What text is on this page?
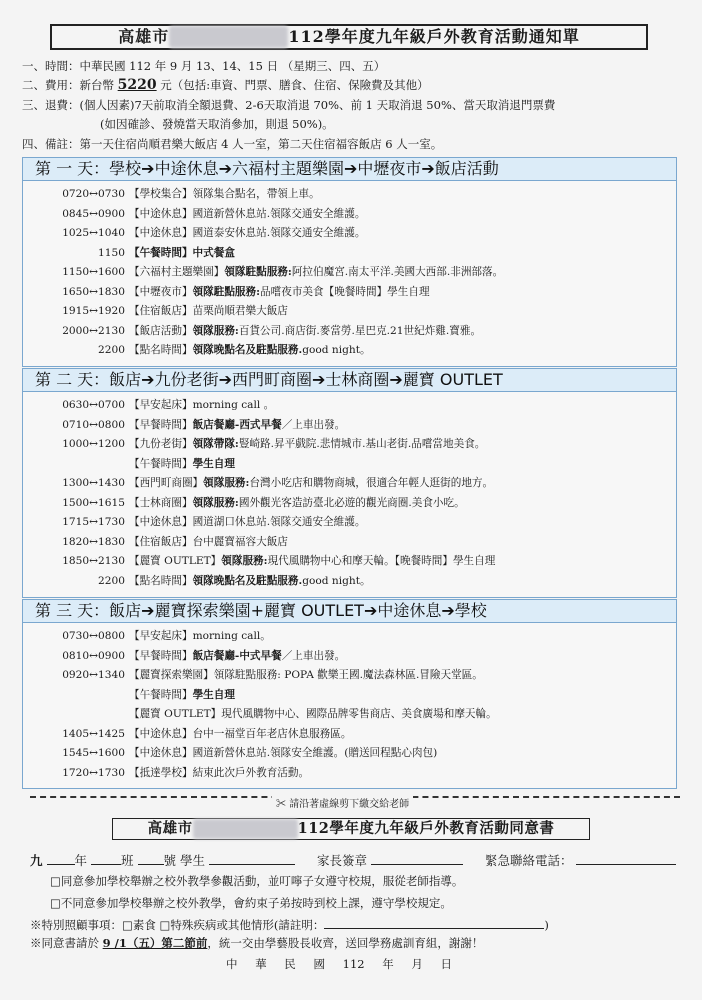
高雄市	112學年度九年級戶外教育活動通知單
一、時間：中華民國 112 年 9 月 13、14、15 日 （星期三、四、五）
二、費用：新台幣 5220 元（包括:車資、門票、膳食、住宿、保險費及其他）
三、退費：(個人因素)7天前取消全額退費、2-6天取消退 70%、前 1 天取消退 50%、當天取消退門票費
(如因確診、發燒當天取消參加，則退 50%)。
四、備註：第一天住宿尚順君樂大飯店 4 人一室，第二天住宿福容飯店 6 人一室。
第 一 天：學校➔中途休息➔六福村主題樂園➔中壢夜市➔飯店活動
0720↔0730 【學校集合】領隊集合點名，帶領上車。
0845↔0900 【中途休息】國道新營休息站.領隊交通安全維護。
1025↔1040 【中途休息】國道泰安休息站.領隊交通安全維護。
1150 【午餐時間】中式餐盒
1150↔1600 【六福村主題樂園】領隊駐點服務:阿拉伯魔宮.南太平洋.美國大西部.非洲部落。
1650↔1830 【中壢夜市】領隊駐點服務:品嚐夜市美食【晚餐時間】學生自理
1915↔1920 【住宿飯店】苗栗尚順君樂大飯店
2000↔2130 【飯店活動】領隊服務:百貨公司.商店街.麥當勞.星巴克.21世紀炸雞.寶雅。
2200 【點名時間】領隊晚點名及駐點服務.good night。
第 二 天：飯店➔九份老街➔西門町商圈➔士林商圈➔麗寶 OUTLET
0630↔0700 【早安起床】morning call 。
0710↔0800 【早餐時間】飯店餐廳-西式早餐／上車出發。
1000↔1200 【九份老街】領隊帶隊:豎崎路.昇平戲院.悲情城市.基山老街.品嚐當地美食。
【午餐時間】學生自理
1300↔1430 【西門町商圈】領隊服務:台灣小吃店和購物商城，很適合年輕人逛街的地方。
1500↔1615 【士林商圈】領隊服務:國外觀光客造訪臺北必遊的觀光商圈.美食小吃。
1715↔1730 【中途休息】國道湖口休息站.領隊交通安全維護。
1820↔1830 【住宿飯店】台中麗寶福容大飯店
1850↔2130 【麗寶 OUTLET】領隊服務:現代風購物中心和摩天輪。【晚餐時間】學生自理
2200 【點名時間】領隊晚點名及駐點服務.good night。
第 三 天：飯店➔麗寶探索樂園+麗寶 OUTLET➔中途休息➔學校
0730↔0800 【早安起床】morning call。
0810↔0900 【早餐時間】飯店餐廳-中式早餐／上車出發。
0920↔1340 【麗寶探索樂園】領隊駐點服務: POPA 歡樂王國.魔法森林區.冒險天堂區。
【午餐時間】學生自理
【麗寶 OUTLET】現代風購物中心、國際品牌零售商店、美食廣場和摩天輪。
1405↔1425 【中途休息】台中一福堂百年老店休息服務區。
1545↔1600 【中途休息】國道新營休息站.領隊安全維護。(贈送回程點心肉包)
1720↔1730 【抵達學校】結束此次戶外教育活動。
✂ 請沿著虛線剪下繳交給老師
高雄市	112學年度九年級戶外教育活動同意書
九	年	班 號 學生	家長簽章	緊急聯絡電話：
□同意參加學校舉辦之校外教學參觀活動，並叮嚀子女遵守校規，服從老師指導。
□不同意參加學校舉辦之校外教學，會約束子弟按時到校上課，遵守學校規定。
※特別照顧事項：□素食 □特殊疾病或其他情形(請註明：	)
※同意書請於 9 /1（五）第二節前，統一交由學藝股長收齊，送回學務處訓育組，謝謝！
中 華 民 國 112 年 月 日
